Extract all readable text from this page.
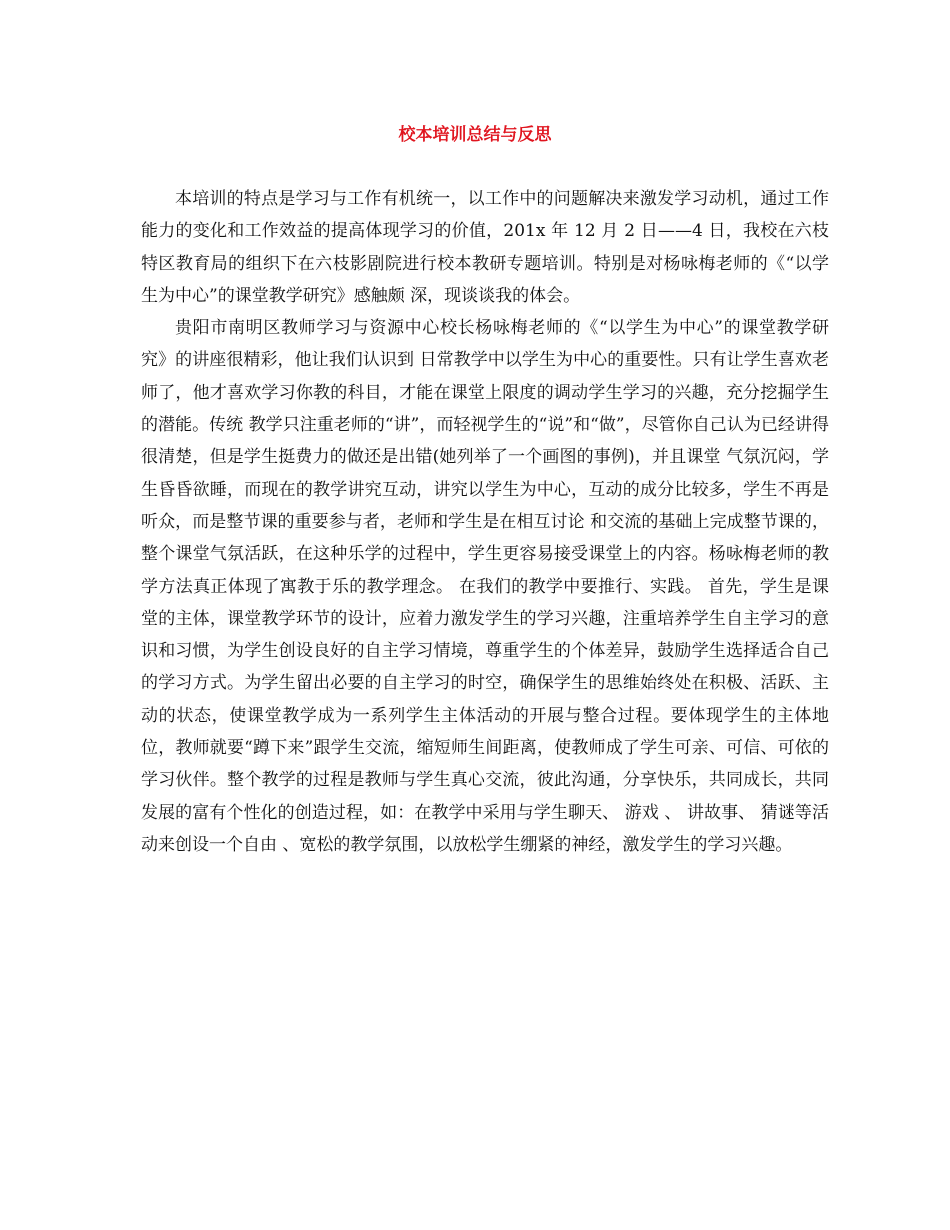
校本培训总结与反思

本培训的特点是学习与工作有机统一，以工作中的问题解决来激发学习动机，通过工作能力的变化和工作效益的提高体现学习的价值，201x 年 12 月 2 日——4 日，我校在六枝特区教育局的组织下在六枝影剧院进行校本教研专题培训。特别是对杨咏梅老师的《“以学生为中心”的课堂教学研究》感触颇 深，现谈谈我的体会。

贵阳市南明区教师学习与资源中心校长杨咏梅老师的《“以学生为中心”的课堂教学研究》的讲座很精彩，他让我们认识到 日常教学中以学生为中心的重要性。只有让学生喜欢老师了，他才喜欢学习你教的科目，才能在课堂上限度的调动学生学习的兴趣，充分挖掘学生的潜能。传统 教学只注重老师的“讲”，而轻视学生的“说”和“做”，尽管你自己认为已经讲得很清楚，但是学生挺费力的做还是出错(她列举了一个画图的事例)，并且课堂 气氛沉闷，学生昏昏欲睡，而现在的教学讲究互动，讲究以学生为中心，互动的成分比较多，学生不再是听众，而是整节课的重要参与者，老师和学生是在相互讨论 和交流的基础上完成整节课的，整个课堂气氛活跃，在这种乐学的过程中，学生更容易接受课堂上的内容。杨咏梅老师的教学方法真正体现了寓教于乐的教学理念。 在我们的教学中要推行、实践。 首先，学生是课堂的主体，课堂教学环节的设计，应着力激发学生的学习兴趣，注重培养学生自主学习的意识和习惯，为学生创设良好的自主学习情境，尊重学生的个体差异，鼓励学生选择适合自己的学习方式。为学生留出必要的自主学习的时空，确保学生的思维始终处在积极、活跃、主动的状态，使课堂教学成为一系列学生主体活动的开展与整合过程。要体现学生的主体地位，教师就要“蹲下来”跟学生交流，缩短师生间距离，使教师成了学生可亲、可信、可依的学习伙伴。整个教学的过程是教师与学生真心交流，彼此沟通，分享快乐，共同成长，共同发展的富有个性化的创造过程，如：在教学中采用与学生聊天、 游戏 、 讲故事、 猜谜等活动来创设一个自由 、宽松的教学氛围，以放松学生绷紧的神经，激发学生的学习兴趣。
